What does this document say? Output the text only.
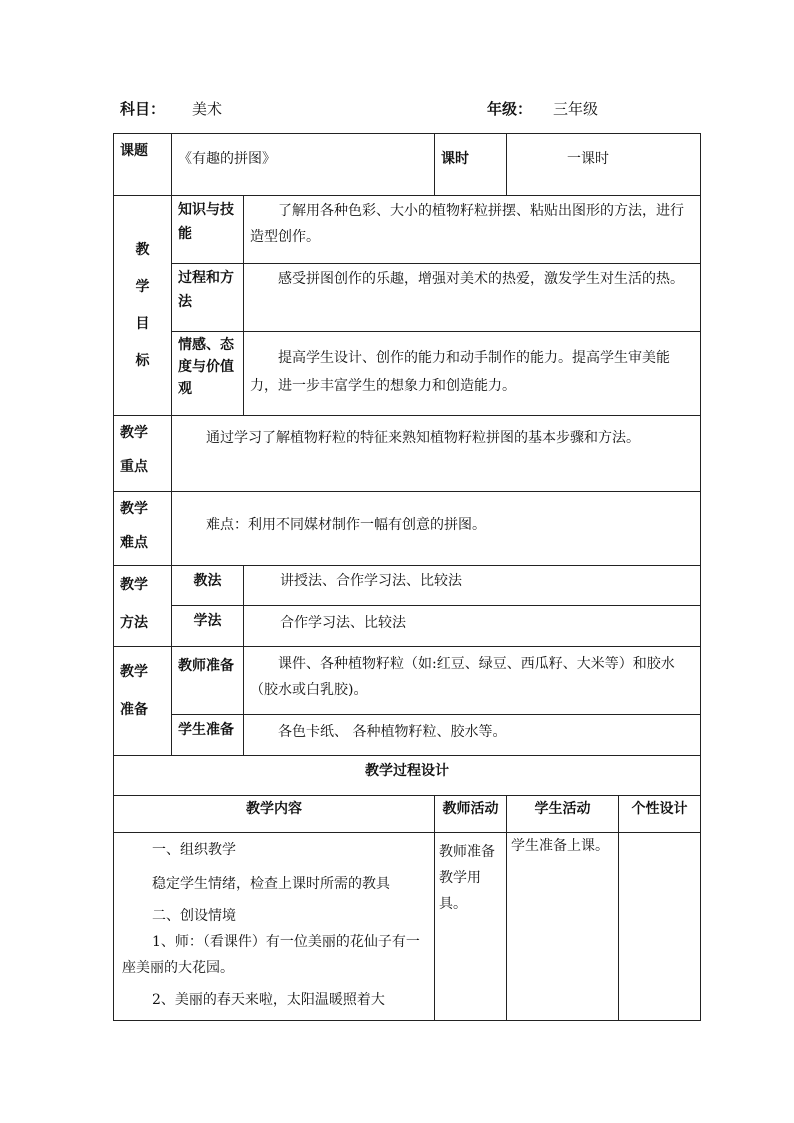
科目： 美术	年级： 三年级
课题	《有趣的拼图》		课时	一课时	

教

学

目

标	知识与技能	了解用各种色彩、大小的植物籽粒拼摆、粘贴出图形的方法，进行造型创作。			
	过程和方法	感受拼图创作的乐趣，增强对美术的热爱，激发学生对生活的热。			
	情感、态度与价值观	提高学生设计、创作的能力和动手制作的能力。提高学生审美能力，进一步丰富学生的想象力和创造能力。			

教学

重点	通过学习了解植物籽粒的特征来熟知植物籽粒拼图的基本步骤和方法。				

教学

难点	难点：利用不同媒材制作一幅有创意的拼图。				

教学

方法	教法	讲授法、合作学习法、比较法			
	学法	合作学习法、比较法			

教学

准备	教师准备	课件、各种植物籽粒（如:红豆、绿豆、西瓜籽、大米等）和胶水（胶水或白乳胶)。			
	学生准备	各色卡纸、 各种植物籽粒、胶水等。			
教学过程设计					
教学内容			教师活动	学生活动	个性设计

一、组织教学

稳定学生情绪，检查上课时所需的教具

二、创设情境

1、师：（看课件）有一位美丽的花仙子有一座美丽的大花园。

2、美丽的春天来啦，太阳温暖照着大			教师准备教学用具。	学生准备上课。	
